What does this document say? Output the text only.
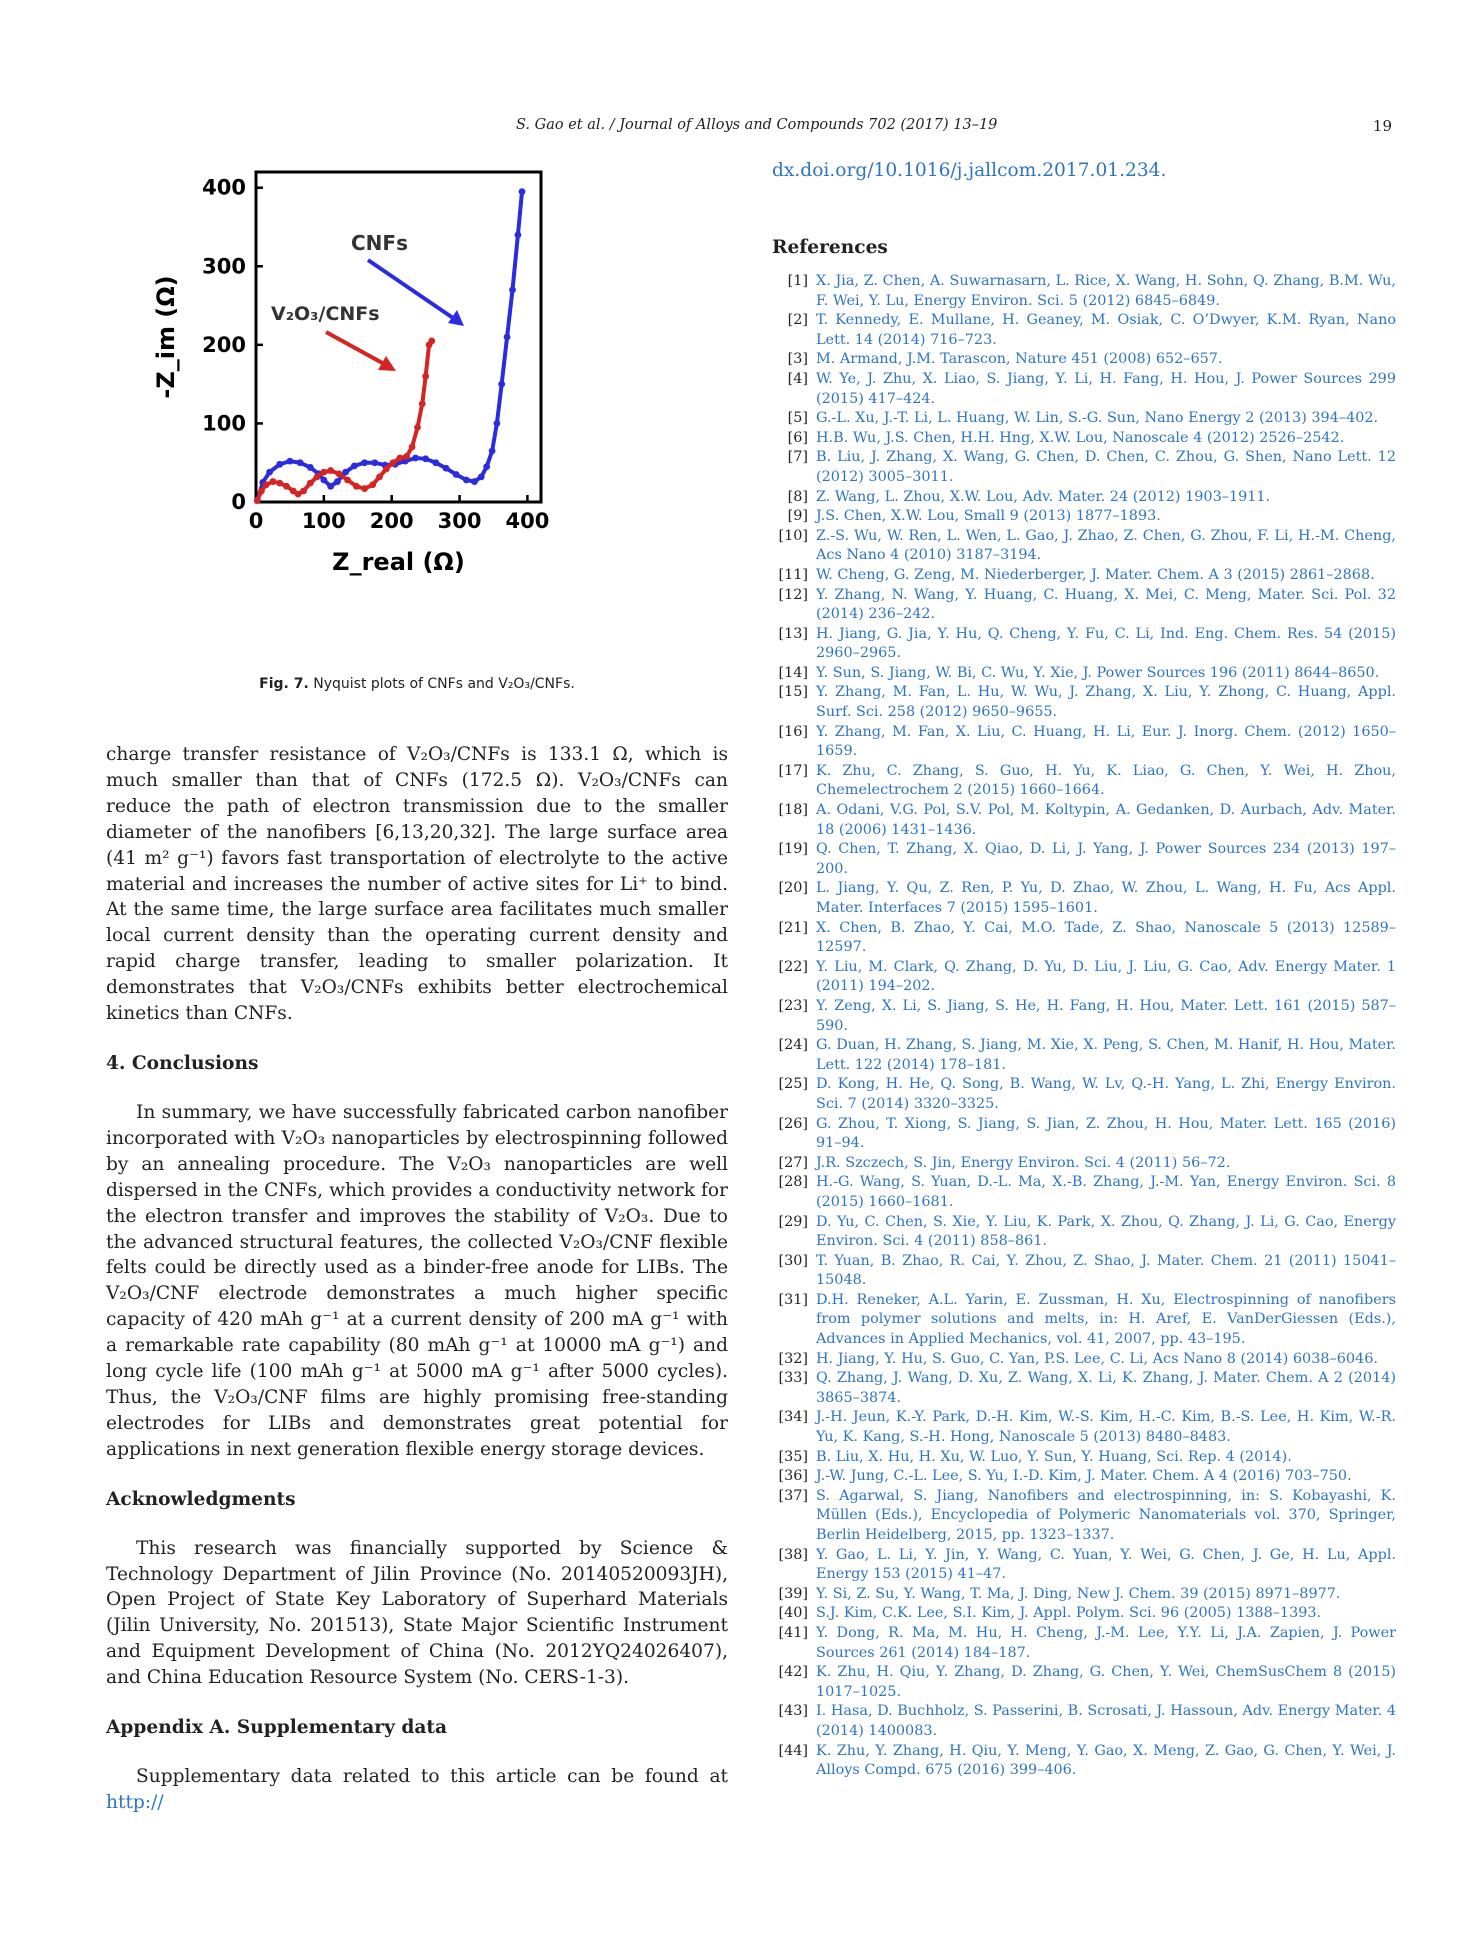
S. Gao et al. / Journal of Alloys and Compounds 702 (2017) 13–19	19
0
0
100
100
200
200
300
300
400
400
Z_real (Ω)
-Z_im (Ω)
CNFs
V₂O₃/CNFs
Fig. 7. Nyquist plots of CNFs and V₂O₃/CNFs.

charge transfer resistance of V₂O₃/CNFs is 133.1 Ω, which is much smaller than that of CNFs (172.5 Ω). V₂O₃/CNFs can reduce the path of electron transmission due to the smaller diameter of the nanofibers [6,13,20,32]. The large surface area (41 m² g⁻¹) favors fast transportation of electrolyte to the active material and increases the number of active sites for Li⁺ to bind. At the same time, the large surface area facilitates much smaller local current density than the operating current density and rapid charge transfer, leading to smaller polarization. It demonstrates that V₂O₃/CNFs exhibits better electrochemical kinetics than CNFs.

4. Conclusions

In summary, we have successfully fabricated carbon nanofiber incorporated with V₂O₃ nanoparticles by electrospinning followed by an annealing procedure. The V₂O₃ nanoparticles are well dispersed in the CNFs, which provides a conductivity network for the electron transfer and improves the stability of V₂O₃. Due to the advanced structural features, the collected V₂O₃/CNF flexible felts could be directly used as a binder-free anode for LIBs. The V₂O₃/CNF electrode demonstrates a much higher specific capacity of 420 mAh g⁻¹ at a current density of 200 mA g⁻¹ with a remarkable rate capability (80 mAh g⁻¹ at 10000 mA g⁻¹) and long cycle life (100 mAh g⁻¹ at 5000 mA g⁻¹ after 5000 cycles). Thus, the V₂O₃/CNF films are highly promising free-standing electrodes for LIBs and demonstrates great potential for applications in next generation flexible energy storage devices.

Acknowledgments

This research was financially supported by Science & Technology Department of Jilin Province (No. 20140520093JH), Open Project of State Key Laboratory of Superhard Materials (Jilin University, No. 201513), State Major Scientific Instrument and Equipment Development of China (No. 2012YQ24026407), and China Education Resource System (No. CERS-1-3).

Appendix A. Supplementary data

Supplementary data related to this article can be found at http://

dx.doi.org/10.1016/j.jallcom.2017.01.234.
References
[1] X. Jia, Z. Chen, A. Suwarnasarn, L. Rice, X. Wang, H. Sohn, Q. Zhang, B.M. Wu, F. Wei, Y. Lu, Energy Environ. Sci. 5 (2012) 6845–6849.
[2] T. Kennedy, E. Mullane, H. Geaney, M. Osiak, C. O’Dwyer, K.M. Ryan, Nano Lett. 14 (2014) 716–723.
[3] M. Armand, J.M. Tarascon, Nature 451 (2008) 652–657.
[4] W. Ye, J. Zhu, X. Liao, S. Jiang, Y. Li, H. Fang, H. Hou, J. Power Sources 299 (2015) 417–424.
[5] G.-L. Xu, J.-T. Li, L. Huang, W. Lin, S.-G. Sun, Nano Energy 2 (2013) 394–402.
[6] H.B. Wu, J.S. Chen, H.H. Hng, X.W. Lou, Nanoscale 4 (2012) 2526–2542.
[7] B. Liu, J. Zhang, X. Wang, G. Chen, D. Chen, C. Zhou, G. Shen, Nano Lett. 12 (2012) 3005–3011.
[8] Z. Wang, L. Zhou, X.W. Lou, Adv. Mater. 24 (2012) 1903–1911.
[9] J.S. Chen, X.W. Lou, Small 9 (2013) 1877–1893.
[10] Z.-S. Wu, W. Ren, L. Wen, L. Gao, J. Zhao, Z. Chen, G. Zhou, F. Li, H.-M. Cheng, Acs Nano 4 (2010) 3187–3194.
[11] W. Cheng, G. Zeng, M. Niederberger, J. Mater. Chem. A 3 (2015) 2861–2868.
[12] Y. Zhang, N. Wang, Y. Huang, C. Huang, X. Mei, C. Meng, Mater. Sci. Pol. 32 (2014) 236–242.
[13] H. Jiang, G. Jia, Y. Hu, Q. Cheng, Y. Fu, C. Li, Ind. Eng. Chem. Res. 54 (2015) 2960–2965.
[14] Y. Sun, S. Jiang, W. Bi, C. Wu, Y. Xie, J. Power Sources 196 (2011) 8644–8650.
[15] Y. Zhang, M. Fan, L. Hu, W. Wu, J. Zhang, X. Liu, Y. Zhong, C. Huang, Appl. Surf. Sci. 258 (2012) 9650–9655.
[16] Y. Zhang, M. Fan, X. Liu, C. Huang, H. Li, Eur. J. Inorg. Chem. (2012) 1650–1659.
[17] K. Zhu, C. Zhang, S. Guo, H. Yu, K. Liao, G. Chen, Y. Wei, H. Zhou, Chemelectrochem 2 (2015) 1660–1664.
[18] A. Odani, V.G. Pol, S.V. Pol, M. Koltypin, A. Gedanken, D. Aurbach, Adv. Mater. 18 (2006) 1431–1436.
[19] Q. Chen, T. Zhang, X. Qiao, D. Li, J. Yang, J. Power Sources 234 (2013) 197–200.
[20] L. Jiang, Y. Qu, Z. Ren, P. Yu, D. Zhao, W. Zhou, L. Wang, H. Fu, Acs Appl. Mater. Interfaces 7 (2015) 1595–1601.
[21] X. Chen, B. Zhao, Y. Cai, M.O. Tade, Z. Shao, Nanoscale 5 (2013) 12589–12597.
[22] Y. Liu, M. Clark, Q. Zhang, D. Yu, D. Liu, J. Liu, G. Cao, Adv. Energy Mater. 1 (2011) 194–202.
[23] Y. Zeng, X. Li, S. Jiang, S. He, H. Fang, H. Hou, Mater. Lett. 161 (2015) 587–590.
[24] G. Duan, H. Zhang, S. Jiang, M. Xie, X. Peng, S. Chen, M. Hanif, H. Hou, Mater. Lett. 122 (2014) 178–181.
[25] D. Kong, H. He, Q. Song, B. Wang, W. Lv, Q.-H. Yang, L. Zhi, Energy Environ. Sci. 7 (2014) 3320–3325.
[26] G. Zhou, T. Xiong, S. Jiang, S. Jian, Z. Zhou, H. Hou, Mater. Lett. 165 (2016) 91–94.
[27] J.R. Szczech, S. Jin, Energy Environ. Sci. 4 (2011) 56–72.
[28] H.-G. Wang, S. Yuan, D.-L. Ma, X.-B. Zhang, J.-M. Yan, Energy Environ. Sci. 8 (2015) 1660–1681.
[29] D. Yu, C. Chen, S. Xie, Y. Liu, K. Park, X. Zhou, Q. Zhang, J. Li, G. Cao, Energy Environ. Sci. 4 (2011) 858–861.
[30] T. Yuan, B. Zhao, R. Cai, Y. Zhou, Z. Shao, J. Mater. Chem. 21 (2011) 15041–15048.
[31] D.H. Reneker, A.L. Yarin, E. Zussman, H. Xu, Electrospinning of nanofibers from polymer solutions and melts, in: H. Aref, E. VanDerGiessen (Eds.), Advances in Applied Mechanics, vol. 41, 2007, pp. 43–195.
[32] H. Jiang, Y. Hu, S. Guo, C. Yan, P.S. Lee, C. Li, Acs Nano 8 (2014) 6038–6046.
[33] Q. Zhang, J. Wang, D. Xu, Z. Wang, X. Li, K. Zhang, J. Mater. Chem. A 2 (2014) 3865–3874.
[34] J.-H. Jeun, K.-Y. Park, D.-H. Kim, W.-S. Kim, H.-C. Kim, B.-S. Lee, H. Kim, W.-R. Yu, K. Kang, S.-H. Hong, Nanoscale 5 (2013) 8480–8483.
[35] B. Liu, X. Hu, H. Xu, W. Luo, Y. Sun, Y. Huang, Sci. Rep. 4 (2014).
[36] J.-W. Jung, C.-L. Lee, S. Yu, I.-D. Kim, J. Mater. Chem. A 4 (2016) 703–750.
[37] S. Agarwal, S. Jiang, Nanofibers and electrospinning, in: S. Kobayashi, K. Müllen (Eds.), Encyclopedia of Polymeric Nanomaterials vol. 370, Springer, Berlin Heidelberg, 2015, pp. 1323–1337.
[38] Y. Gao, L. Li, Y. Jin, Y. Wang, C. Yuan, Y. Wei, G. Chen, J. Ge, H. Lu, Appl. Energy 153 (2015) 41–47.
[39] Y. Si, Z. Su, Y. Wang, T. Ma, J. Ding, New J. Chem. 39 (2015) 8971–8977.
[40] S.J. Kim, C.K. Lee, S.I. Kim, J. Appl. Polym. Sci. 96 (2005) 1388–1393.
[41] Y. Dong, R. Ma, M. Hu, H. Cheng, J.-M. Lee, Y.Y. Li, J.A. Zapien, J. Power Sources 261 (2014) 184–187.
[42] K. Zhu, H. Qiu, Y. Zhang, D. Zhang, G. Chen, Y. Wei, ChemSusChem 8 (2015) 1017–1025.
[43] I. Hasa, D. Buchholz, S. Passerini, B. Scrosati, J. Hassoun, Adv. Energy Mater. 4 (2014) 1400083.
[44] K. Zhu, Y. Zhang, H. Qiu, Y. Meng, Y. Gao, X. Meng, Z. Gao, G. Chen, Y. Wei, J. Alloys Compd. 675 (2016) 399–406.
